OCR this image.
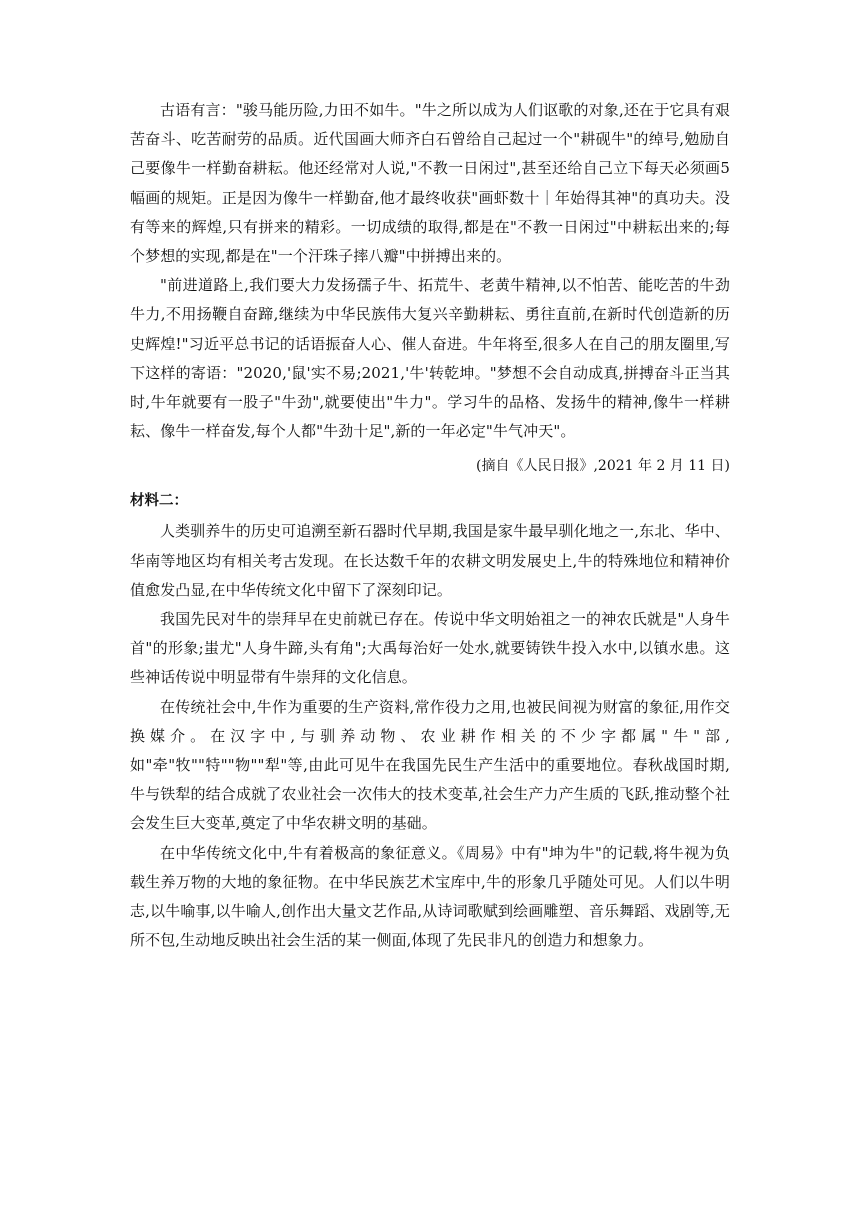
古语有言："骏马能历险,力田不如牛。"牛之所以成为人们讴歌的对象,还在于它具有艰苦奋斗、吃苦耐劳的品质。近代国画大师齐白石曾给自己起过一个"耕砚牛"的绰号,勉励自己要像牛一样勤奋耕耘。他还经常对人说,"不教一日闲过",甚至还给自己立下每天必须画5幅画的规矩。正是因为像牛一样勤奋,他才最终收获"画虾数十｜年始得其神"的真功夫。没有等来的辉煌,只有拼来的精彩。一切成绩的取得,都是在"不教一日闲过"中耕耘出来的;每个梦想的实现,都是在"一个汗珠子摔八瓣"中拼搏出来的。

"前进道路上,我们要大力发扬孺子牛、拓荒牛、老黄牛精神,以不怕苦、能吃苦的牛劲牛力,不用扬鞭自奋蹄,继续为中华民族伟大复兴辛勤耕耘、勇往直前,在新时代创造新的历史辉煌!"习近平总书记的话语振奋人心、催人奋进。牛年将至,很多人在自己的朋友圈里,写下这样的寄语："2020,'鼠'实不易;2021,'牛'转乾坤。"梦想不会自动成真,拼搏奋斗正当其时,牛年就要有一股子"牛劲",就要使出"牛力"。学习牛的品格、发扬牛的精神,像牛一样耕耘、像牛一样奋发,每个人都"牛劲十足",新的一年必定"牛气冲天"。

(摘自《人民日报》,2021 年 2 月 11 日)

材料二：

人类驯养牛的历史可追溯至新石器时代早期,我国是家牛最早驯化地之一,东北、华中、华南等地区均有相关考古发现。在长达数千年的农耕文明发展史上,牛的特殊地位和精神价值愈发凸显,在中华传统文化中留下了深刻印记。

我国先民对牛的崇拜早在史前就已存在。传说中华文明始祖之一的神农氏就是"人身牛首"的形象;蚩尤"人身牛蹄,头有角";大禹每治好一处水,就要铸铁牛投入水中,以镇水患。这些神话传说中明显带有牛崇拜的文化信息。

在传统社会中,牛作为重要的生产资料,常作役力之用,也被民间视为财富的象征,用作交换媒介。在汉字中,与驯养动物、农业耕作相关的不少字都属"牛"部,如"牵"牧""特""物""犁"等,由此可见牛在我国先民生产生活中的重要地位。春秋战国时期,牛与铁犁的结合成就了农业社会一次伟大的技术变革,社会生产力产生质的飞跃,推动整个社会发生巨大变革,奠定了中华农耕文明的基础。

在中华传统文化中,牛有着极高的象征意义。《周易》中有"坤为牛"的记载,将牛视为负载生养万物的大地的象征物。在中华民族艺术宝库中,牛的形象几乎随处可见。人们以牛明志,以牛喻事,以牛喻人,创作出大量文艺作品,从诗词歌赋到绘画雕塑、音乐舞蹈、戏剧等,无所不包,生动地反映出社会生活的某一侧面,体现了先民非凡的创造力和想象力。
